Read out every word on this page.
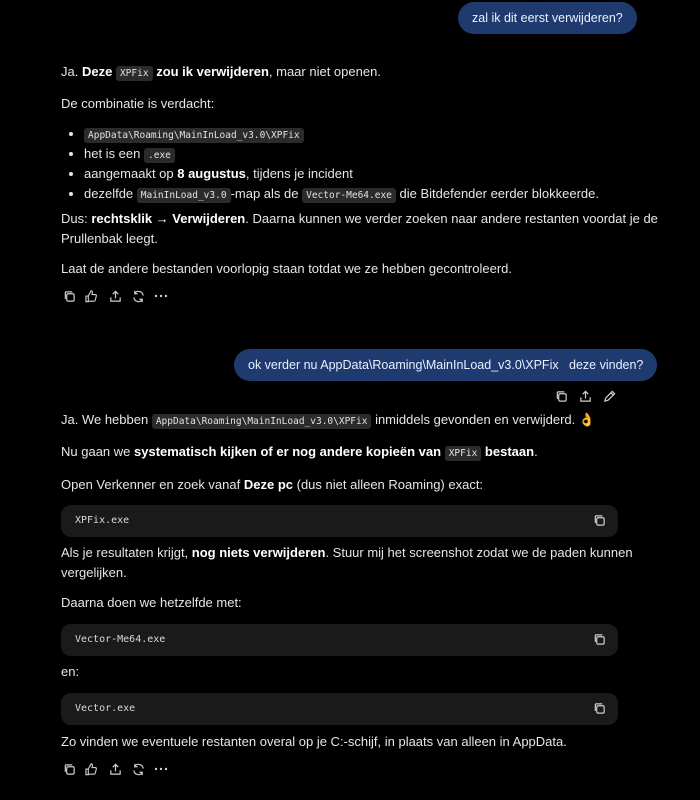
zal ik dit eerst verwijderen?

Ja. Deze XPFix zou ik verwijderen, maar niet openen.

De combinatie is verdacht:

• AppData\Roaming\MainInLoad_v3.0\XPFix
• het is een .exe
• aangemaakt op 8 augustus, tijdens je incident
• dezelfde MainInLoad_v3.0 -map als de Vector-Me64.exe die Bitdefender eerder blokkeerde.

Dus: rechtsklik → Verwijderen. Daarna kunnen we verder zoeken naar andere restanten voordat je de
Prullenbak leegt.

Laat de andere bestanden voorlopig staan totdat we ze hebben gecontroleerd.

ok verder nu AppData\Roaming\MainInLoad_v3.0\XPFix   deze vinden?

Ja. We hebben AppData\Roaming\MainInLoad_v3.0\XPFix inmiddels gevonden en verwijderd. 👌

Nu gaan we systematisch kijken of er nog andere kopieën van XPFix bestaan.

Open Verkenner en zoek vanaf Deze pc (dus niet alleen Roaming) exact:

XPFix.exe

Als je resultaten krijgt, nog niets verwijderen. Stuur mij het screenshot zodat we de paden kunnen
vergelijken.

Daarna doen we hetzelfde met:

Vector-Me64.exe

en:

Vector.exe

Zo vinden we eventuele restanten overal op je C:-schijf, in plaats van alleen in AppData.
